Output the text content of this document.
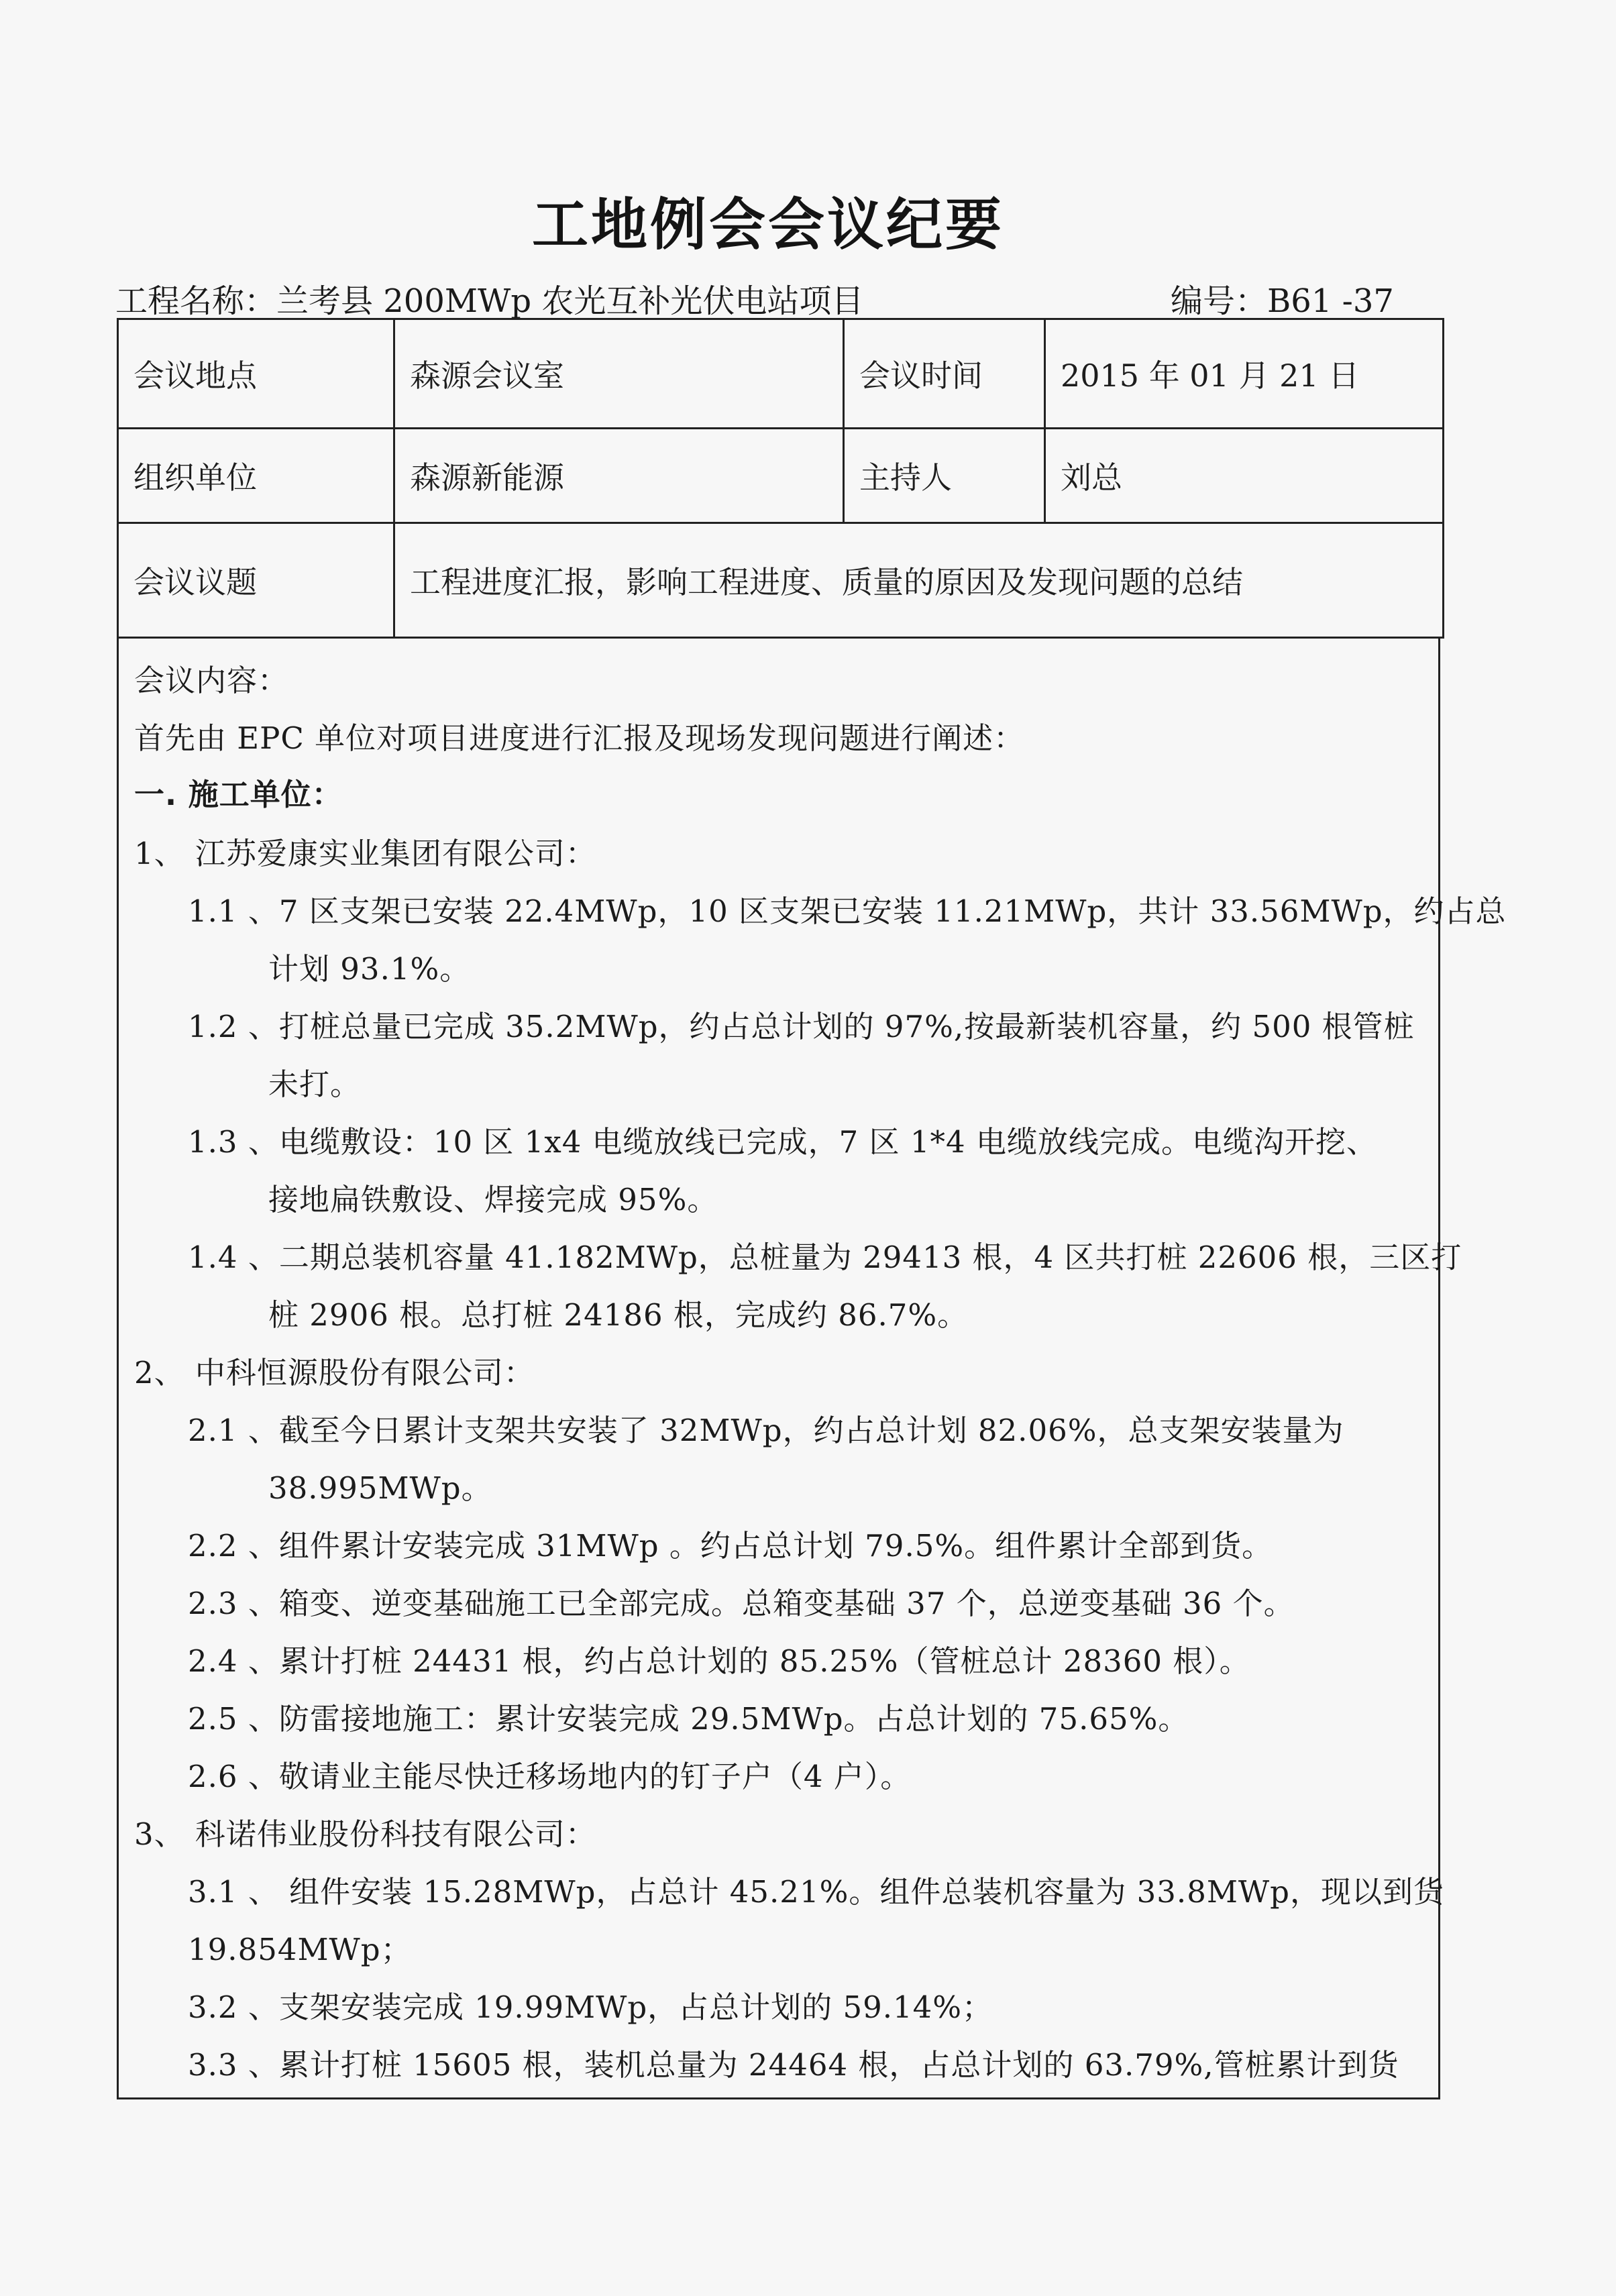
工地例会会议纪要
工程名称：兰考县 200MWp 农光互补光伏电站项目	编号：B61 -37
会议地点	森源会议室	会议时间	2015 年 01 月 21 日
组织单位	森源新能源	主持人	刘总
会议议题	工程进度汇报，影响工程进度、质量的原因及发现问题的总结		
会议内容：
首先由 EPC 单位对项目进度进行汇报及现场发现问题进行阐述：
一. 施工单位：
1、 江苏爱康实业集团有限公司：
1.1 、7 区支架已安装 22.4MWp，10 区支架已安装 11.21MWp，共计 33.56MWp，约占总
计划 93.1%。
1.2 、打桩总量已完成 35.2MWp，约占总计划的 97%,按最新装机容量，约 500 根管桩
未打。
1.3 、电缆敷设：10 区 1x4 电缆放线已完成，7 区 1*4 电缆放线完成。电缆沟开挖、
接地扁铁敷设、焊接完成 95%。
1.4 、二期总装机容量 41.182MWp，总桩量为 29413 根，4 区共打桩 22606 根，三区打
桩 2906 根。总打桩 24186 根，完成约 86.7%。
2、 中科恒源股份有限公司：
2.1 、截至今日累计支架共安装了 32MWp，约占总计划 82.06%，总支架安装量为
38.995MWp。
2.2 、组件累计安装完成 31MWp 。约占总计划 79.5%。组件累计全部到货。
2.3 、箱变、逆变基础施工已全部完成。总箱变基础 37 个，总逆变基础 36 个。
2.4 、累计打桩 24431 根，约占总计划的 85.25%（管桩总计 28360 根）。
2.5 、防雷接地施工：累计安装完成 29.5MWp。占总计划的 75.65%。
2.6 、敬请业主能尽快迁移场地内的钉子户（4 户）。
3、 科诺伟业股份科技有限公司：
3.1 、 组件安装 15.28MWp，占总计 45.21%。组件总装机容量为 33.8MWp，现以到货
19.854MWp；
3.2 、支架安装完成 19.99MWp，占总计划的 59.14%；
3.3 、累计打桩 15605 根，装机总量为 24464 根，占总计划的 63.79%,管桩累计到货
